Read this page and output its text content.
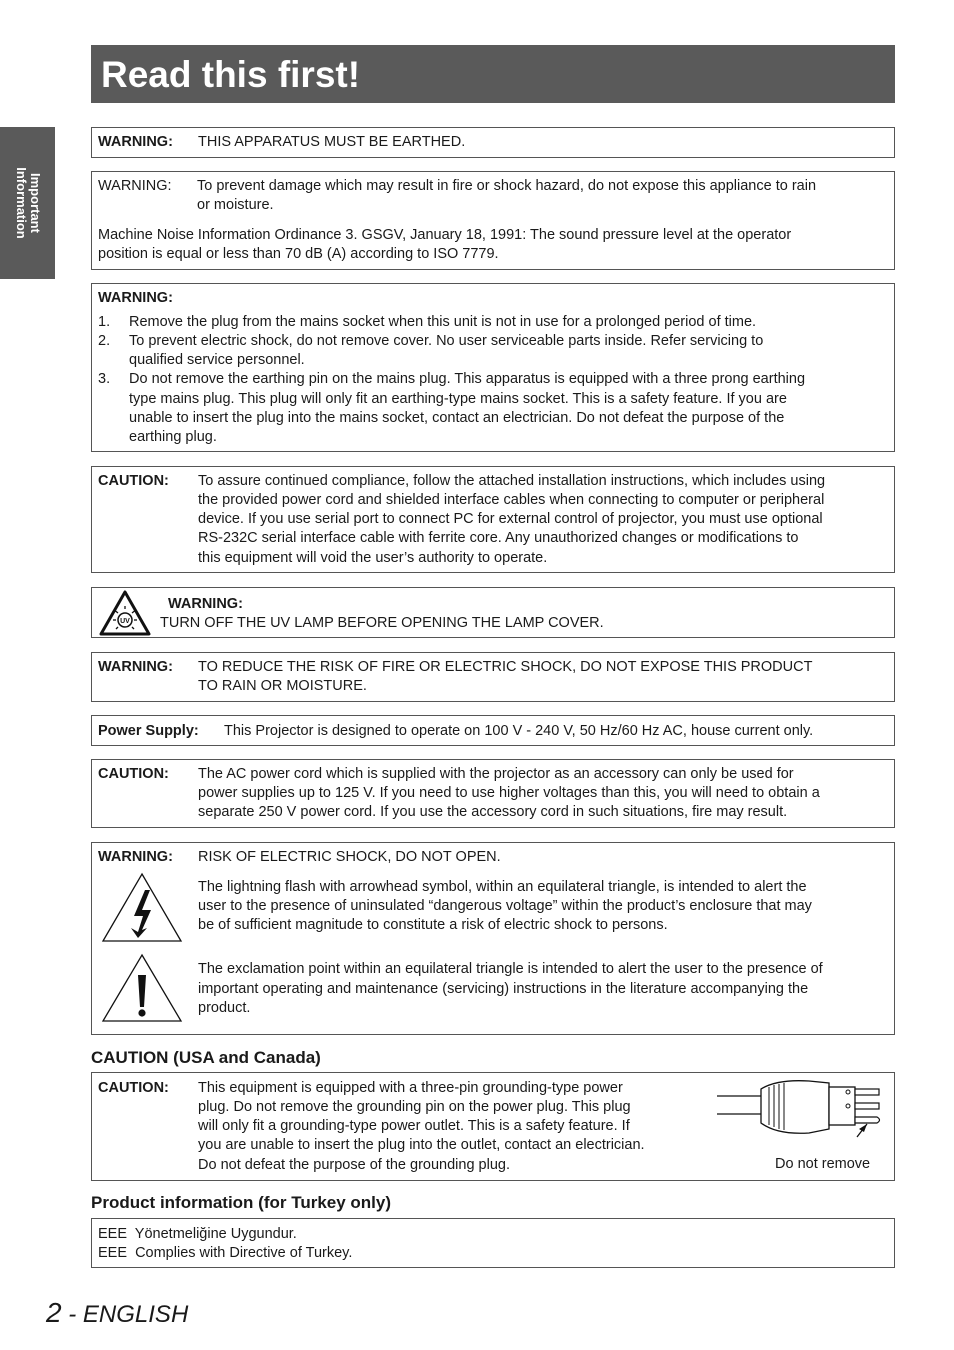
Read this first!
Important
Information
WARNING: THIS APPARATUS MUST BE EARTHED.
WARNING: To prevent damage which may result in fire or shock hazard, do not expose this appliance to rain
or moisture.
Machine Noise Information Ordinance 3. GSGV, January 18, 1991: The sound pressure level at the operator
position is equal or less than 70 dB (A) according to ISO 7779.
WARNING:
1. Remove the plug from the mains socket when this unit is not in use for a prolonged period of time.
2. To prevent electric shock, do not remove cover. No user serviceable parts inside. Refer servicing to
qualified service personnel.
3. Do not remove the earthing pin on the mains plug. This apparatus is equipped with a three prong earthing
type mains plug. This plug will only fit an earthing-type mains socket. This is a safety feature. If you are
unable to insert the plug into the mains socket, contact an electrician. Do not defeat the purpose of the
earthing plug.
CAUTION: To assure continued compliance, follow the attached installation instructions, which includes using
the provided power cord and shielded interface cables when connecting to computer or peripheral
device. If you use serial port to connect PC for external control of projector, you must use optional
RS-232C serial interface cable with ferrite core. Any unauthorized changes or modifications to
this equipment will void the user’s authority to operate.
UV
WARNING:
TURN OFF THE UV LAMP BEFORE OPENING THE LAMP COVER.
WARNING: TO REDUCE THE RISK OF FIRE OR ELECTRIC SHOCK, DO NOT EXPOSE THIS PRODUCT
TO RAIN OR MOISTURE.
Power Supply: This Projector is designed to operate on 100 V - 240 V, 50 Hz/60 Hz AC, house current only.
CAUTION: The AC power cord which is supplied with the projector as an accessory can only be used for
power supplies up to 125 V. If you need to use higher voltages than this, you will need to obtain a
separate 250 V power cord. If you use the accessory cord in such situations, fire may result.
WARNING: RISK OF ELECTRIC SHOCK, DO NOT OPEN.
The lightning flash with arrowhead symbol, within an equilateral triangle, is intended to alert the
user to the presence of uninsulated “dangerous voltage” within the product’s enclosure that may
be of sufficient magnitude to constitute a risk of electric shock to persons.
The exclamation point within an equilateral triangle is intended to alert the user to the presence of
important operating and maintenance (servicing) instructions in the literature accompanying the
product.
CAUTION (USA and Canada)
CAUTION: This equipment is equipped with a three-pin grounding-type power
plug. Do not remove the grounding pin on the power plug. This plug
will only fit a grounding-type power outlet. This is a safety feature. If
you are unable to insert the plug into the outlet, contact an electrician.
Do not defeat the purpose of the grounding plug.	Do not remove
Product information (for Turkey only)
EEE  Yönetmeliğine Uygundur.
EEE  Complies with Directive of Turkey.
2 - ENGLISH
